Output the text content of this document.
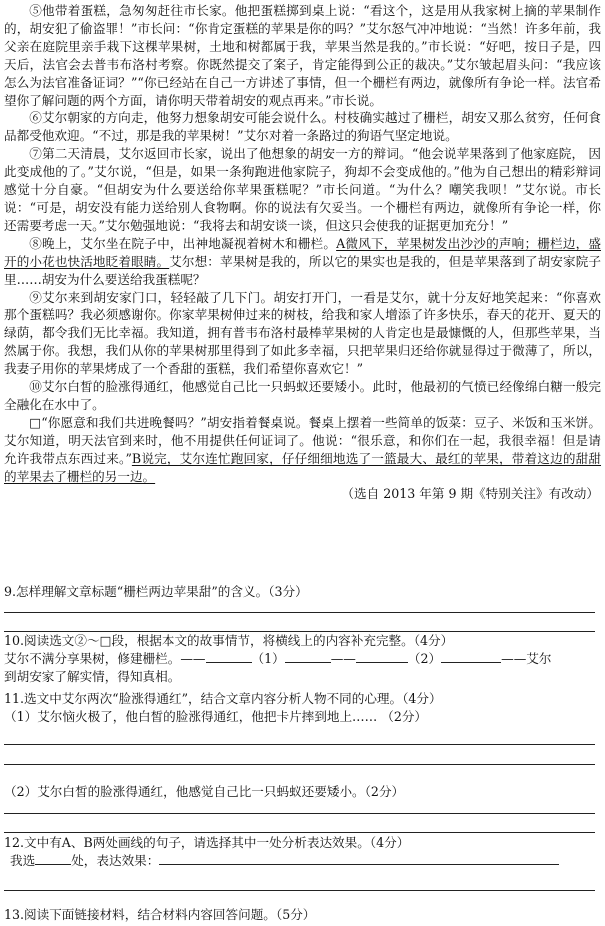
⑤他带着蛋糕，急匆匆赶往市长家。他把蛋糕掷到桌上说：“看这个，这是用从我家树上摘的苹果制作的，胡安犯了偷盗罪！”市长问：“你肯定蛋糕的苹果是你的吗？”艾尔怒气冲冲地说：“当然！许多年前，我父亲在庭院里亲手栽下这棵苹果树，土地和树都属于我，苹果当然是我的。”市长说：“好吧，按日子是，四天后，法官会去普韦布洛村考察。你既然提交了案子，肯定能得到公正的裁决。”艾尔皱起眉头问：“我应该怎么为法官准备证词？”“你已经站在自己一方讲述了事情，但一个栅栏有两边，就像所有争论一样。法官希望你了解问题的两个方面，请你明天带着胡安的观点再来。”市长说。

⑥艾尔朝家的方向走，他努力想象胡安可能会说什么。村枝确实越过了栅栏，胡安又那么贫穷，任何食品都受他欢迎。“不过，那是我的苹果树！”艾尔对着一条路过的狗语气坚定地说。

⑦第二天清晨，艾尔返回市长家，说出了他想象的胡安一方的辩词。“他会说苹果落到了他家庭院， 因此变成他的了。”艾尔说，“但是，如果一条狗跑进他家院子，狗却不会变成他的。”他为自己想出的精彩辩词感觉十分自豪。“但胡安为什么要送给你苹果蛋糕呢？”市长问道。“为什么？嘲笑我呗！”艾尔说。市长说：“可是，胡安没有能力送给别人食物啊。你的说法有欠妥当。一个栅栏有两边，就像所有争论一样，你还需要考虑一天。”艾尔勉强地说：“我将去和胡安谈一谈，但这只会使我的证据更加充分！”

⑧晚上，艾尔坐在院子中，出神地凝视着树木和栅栏。A微风下，苹果树发出沙沙的声响；栅栏边，盛开的小花也快活地眨着眼睛。艾尔想：苹果树是我的，所以它的果实也是我的，但是苹果落到了胡安家院子里……胡安为什么要送给我蛋糕呢？

⑨艾尔来到胡安家门口，轻轻敲了几下门。胡安打开门，一看是艾尔，就十分友好地笑起来：“你喜欢那个蛋糕吗？我必须感谢你。你家苹果树伸过来的树枝，给我和家人增添了许多快乐，春天的花开、夏天的绿荫，都令我们无比幸福。我知道，拥有普韦布洛村最棒苹果树的人肯定也是最慷慨的人，但那些苹果，当然属于你。我想，我们从你的苹果树那里得到了如此多幸福，只把苹果归还给你就显得过于微薄了，所以，我妻子用你的苹果烤成了一个香甜的蛋糕，我们希望你喜欢它！”

⑩艾尔白皙的脸涨得通红，他感觉自己比一只蚂蚁还要矮小。此时，他最初的气愤已经像绵白糖一般完全融化在水中了。

□“你愿意和我们共进晚餐吗？”胡安指着餐桌说。餐桌上摆着一些简单的饭菜：豆子、米饭和玉米饼。艾尔知道，明天法官到来时，他不用提供任何证词了。他说：“很乐意，和你们在一起，我很幸福！但是请允许我带点东西过来。”B说完，艾尔连忙跑回家，仔仔细细地选了一篮最大、最红的苹果，带着这边的甜甜的苹果去了栅栏的另一边。

（选自 2013 年第 9 期《特别关注》有改动）

9.怎样理解文章标题“栅栏两边苹果甜”的含义。（3分）

10.阅读选文②～□段，根据本文的故事情节，将横线上的内容补充完整。（4分）

艾尔不满分享果树，修建栅栏。——	（1）	——	（2）	——艾尔

到胡安家了解实情，得知真相。

11.选文中艾尔两次“脸涨得通红”，结合文章内容分析人物不同的心理。（4分）

（1）艾尔恼火极了，他白皙的脸涨得通红，他把卡片摔到地上…… （2分）

（2）艾尔白皙的脸涨得通红，他感觉自己比一只蚂蚁还要矮小。（2分）

12.文中有A、B两处画线的句子，请选择其中一处分析表达效果。（4分）

我选	处，表达效果：

13.阅读下面链接材料，结合材料内容回答问题。（5分）
